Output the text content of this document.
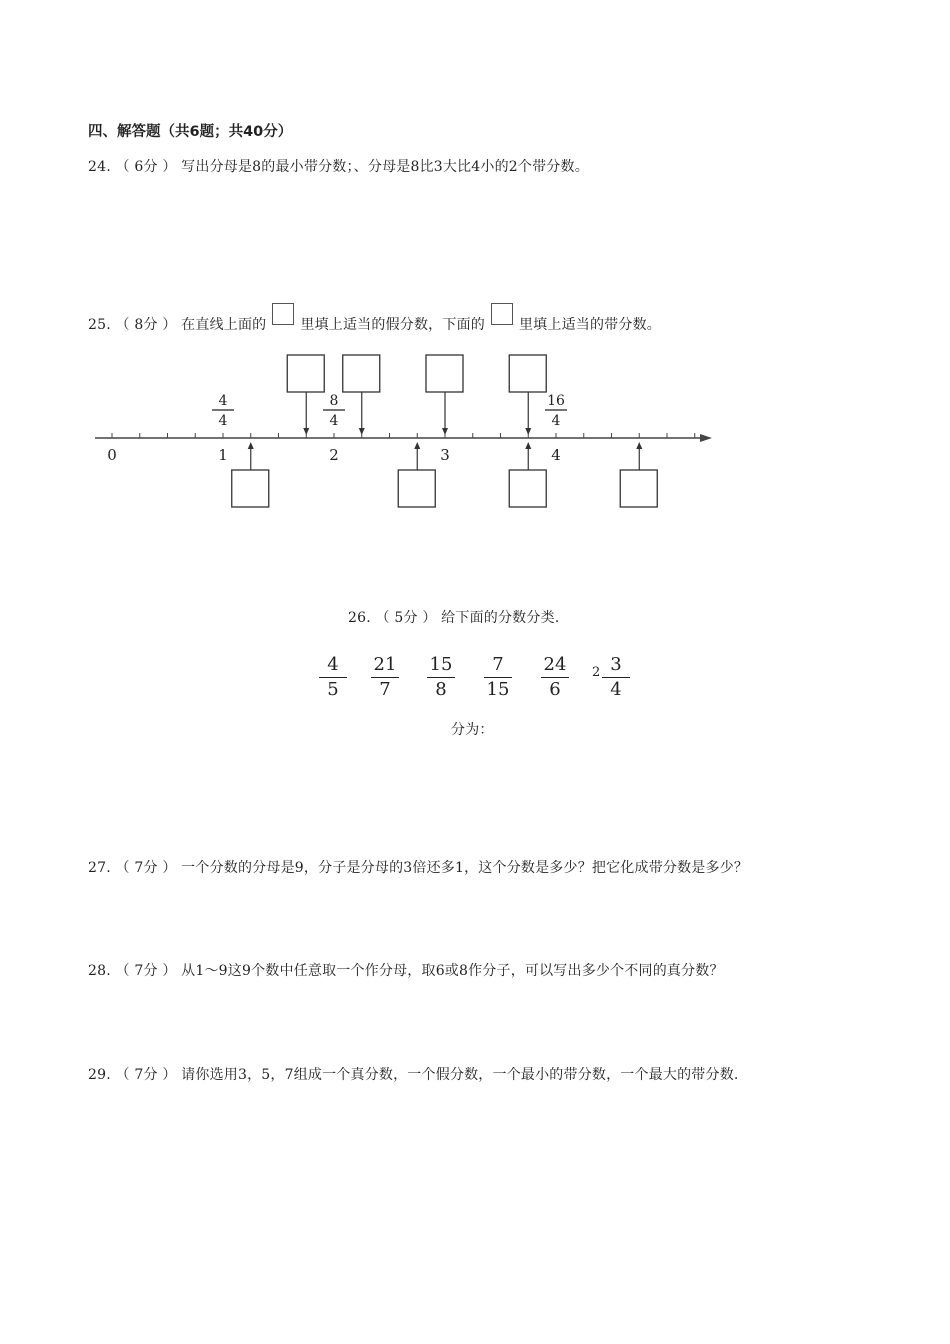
四、解答题（共6题；共40分）
24. （ 6分 ） 写出分母是8的最小带分数；、分母是8比3大比4小的2个带分数。
25. （ 8分 ） 在直线上面的 里填上适当的假分数，下面的 里填上适当的带分数。
0	1	2	3	4
4
4
8
4
16
4
26. （ 5分 ） 给下面的分数分类.
4
5
21
7
15
8
7
15
24
6
2 3
4
分为：
27. （ 7分 ） 一个分数的分母是9，分子是分母的3倍还多1，这个分数是多少？把它化成带分数是多少？
28. （ 7分 ） 从1～9这9个数中任意取一个作分母，取6或8作分子，可以写出多少个不同的真分数？
29. （ 7分 ） 请你选用3，5，7组成一个真分数，一个假分数，一个最小的带分数，一个最大的带分数.
